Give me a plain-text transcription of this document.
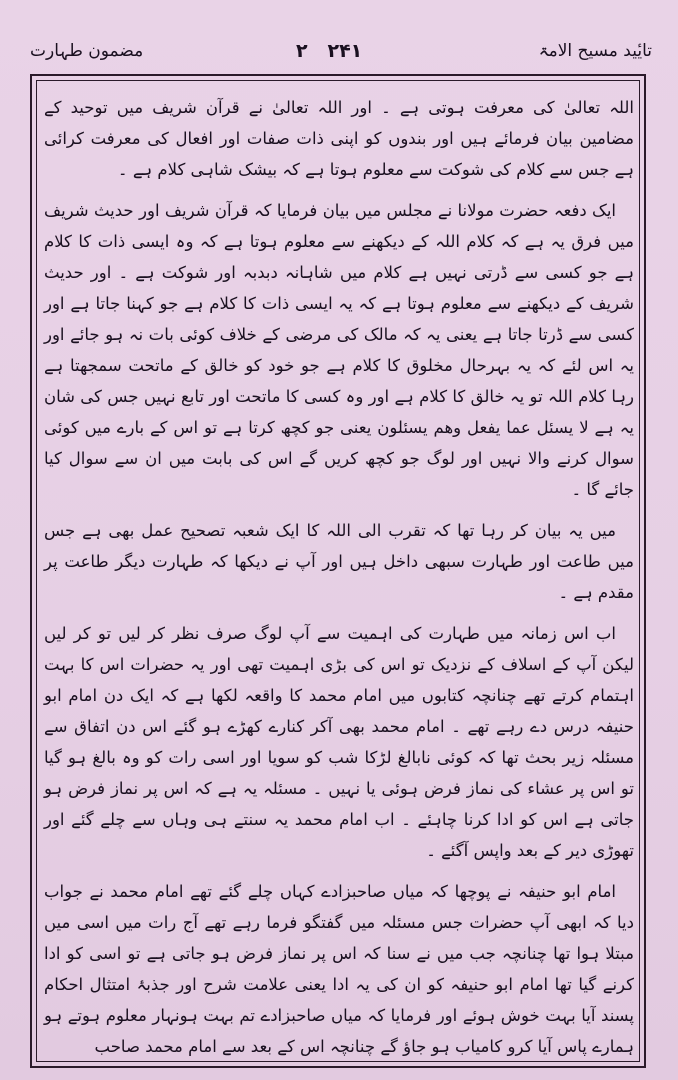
تایٔید مسیح الامۃ
۲ ۲۴۱
مضمون طہارت

اللہ تعالیٰ کی معرفت ہوتی ہے ۔ اور اللہ تعالیٰ نے قرآن شریف میں توحید کے مضامین بیان فرمائے ہیں اور بندوں کو اپنی ذات صفات اور افعال کی معرفت کرائی ہے جس سے کلام کی شوکت سے معلوم ہوتا ہے کہ بیشک شاہی کلام ہے ۔

ایک دفعہ حضرت مولانا نے مجلس میں بیان فرمایا کہ قرآن شریف اور حدیث شریف میں فرق یہ ہے کہ کلام اللہ کے دیکھنے سے معلوم ہوتا ہے کہ وہ ایسی ذات کا کلام ہے جو کسی سے ڈرتی نہیں ہے کلام میں شاہانہ دبدبہ اور شوکت ہے ۔ اور حدیث شریف کے دیکھنے سے معلوم ہوتا ہے کہ یہ ایسی ذات کا کلام ہے جو کہنا جاتا ہے اور کسی سے ڈرتا جاتا ہے یعنی یہ کہ مالک کی مرضی کے خلاف کوئی بات نہ ہو جائے اور یہ اس لئے کہ یہ بہرحال مخلوق کا کلام ہے جو خود کو خالق کے ماتحت سمجھتا ہے رہا کلام اللہ تو یہ خالق کا کلام ہے اور وہ کسی کا ماتحت اور تابع نہیں جس کی شان یہ ہے لا یسئل عما یفعل وھم یسئلون یعنی جو کچھ کرتا ہے تو اس کے بارے میں کوئی سوال کرنے والا نہیں اور لوگ جو کچھ کریں گے اس کی بابت میں ان سے سوال کیا جائے گا ۔

میں یہ بیان کر رہا تھا کہ تقرب الی اللہ کا ایک شعبہ تصحیح عمل بھی ہے جس میں طاعت اور طہارت سبھی داخل ہیں اور آپ نے دیکھا کہ طہارت دیگر طاعت پر مقدم ہے ۔

اب اس زمانہ میں طہارت کی اہمیت سے آپ لوگ صرف نظر کر لیں تو کر لیں لیکن آپ کے اسلاف کے نزدیک تو اس کی بڑی اہمیت تھی اور یہ حضرات اس کا بہت اہتمام کرتے تھے چنانچہ کتابوں میں امام محمد کا واقعہ لکھا ہے کہ ایک دن امام ابو حنیفہ درس دے رہے تھے ۔ امام محمد بھی آکر کنارے کھڑے ہو گئے اس دن اتفاق سے مسئلہ زیر بحث تھا کہ کوئی نابالغ لڑکا شب کو سویا اور اسی رات کو وہ بالغ ہو گیا تو اس پر عشاء کی نماز فرض ہوئی یا نہیں ۔ مسئلہ یہ ہے کہ اس پر نماز فرض ہو جاتی ہے اس کو ادا کرنا چاہئے ۔ اب امام محمد یہ سنتے ہی وہاں سے چلے گئے اور تھوڑی دیر کے بعد واپس آگئے ۔

امام ابو حنیفہ نے پوچھا کہ میاں صاحبزادے کہاں چلے گئے تھے امام محمد نے جواب دیا کہ ابھی آپ حضرات جس مسئلہ میں گفتگو فرما رہے تھے آج رات میں اسی میں مبتلا ہوا تھا چنانچہ جب میں نے سنا کہ اس پر نماز فرض ہو جاتی ہے تو اسی کو ادا کرنے گیا تھا امام ابو حنیفہ کو ان کی یہ ادا یعنی علامت شرح اور جذبۂ امتثال احکام پسند آیا بہت خوش ہوئے اور فرمایا کہ میاں صاحبزادے تم بہت ہونہار معلوم ہوتے ہو ہمارے پاس آیا کرو کامیاب ہو جاؤ گے چنانچہ اس کے بعد سے امام محمد صاحب
